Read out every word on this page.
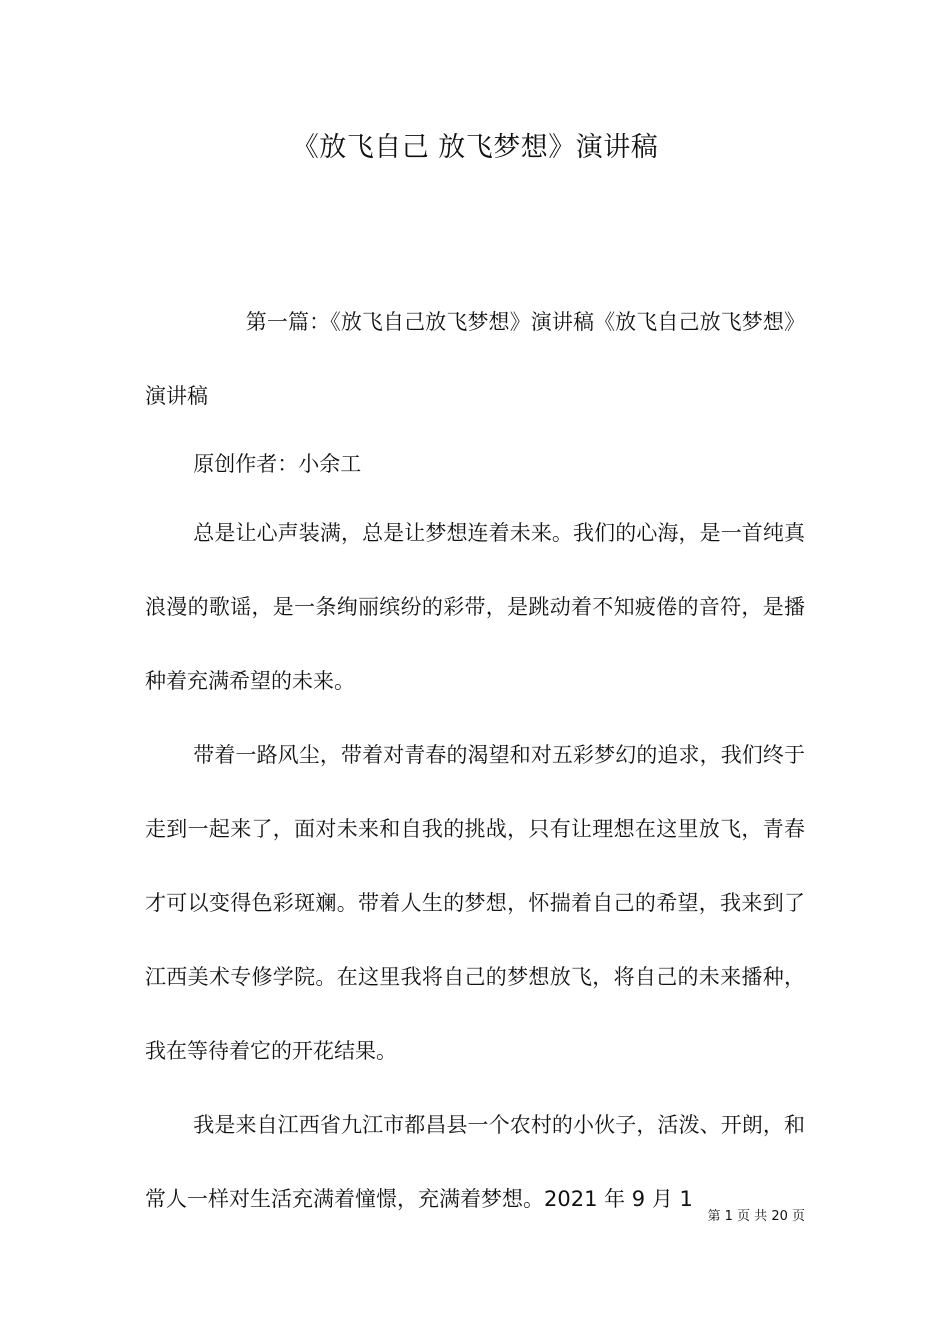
《放飞自己 放飞梦想》演讲稿

第一篇：《放飞自己放飞梦想》演讲稿《放飞自己放飞梦想》演讲稿

原创作者：小余工

总是让心声装满，总是让梦想连着未来。我们的心海，是一首纯真浪漫的歌谣，是一条绚丽缤纷的彩带，是跳动着不知疲倦的音符，是播种着充满希望的未来。

带着一路风尘，带着对青春的渴望和对五彩梦幻的追求，我们终于走到一起来了，面对未来和自我的挑战，只有让理想在这里放飞，青春才可以变得色彩斑斓。带着人生的梦想，怀揣着自己的希望，我来到了江西美术专修学院。在这里我将自己的梦想放飞，将自己的未来播种，我在等待着它的开花结果。

我是来自江西省九江市都昌县一个农村的小伙子，活泼、开朗，和常人一样对生活充满着憧憬，充满着梦想。2021 年 9 月 1

第 1 页 共 20 页
